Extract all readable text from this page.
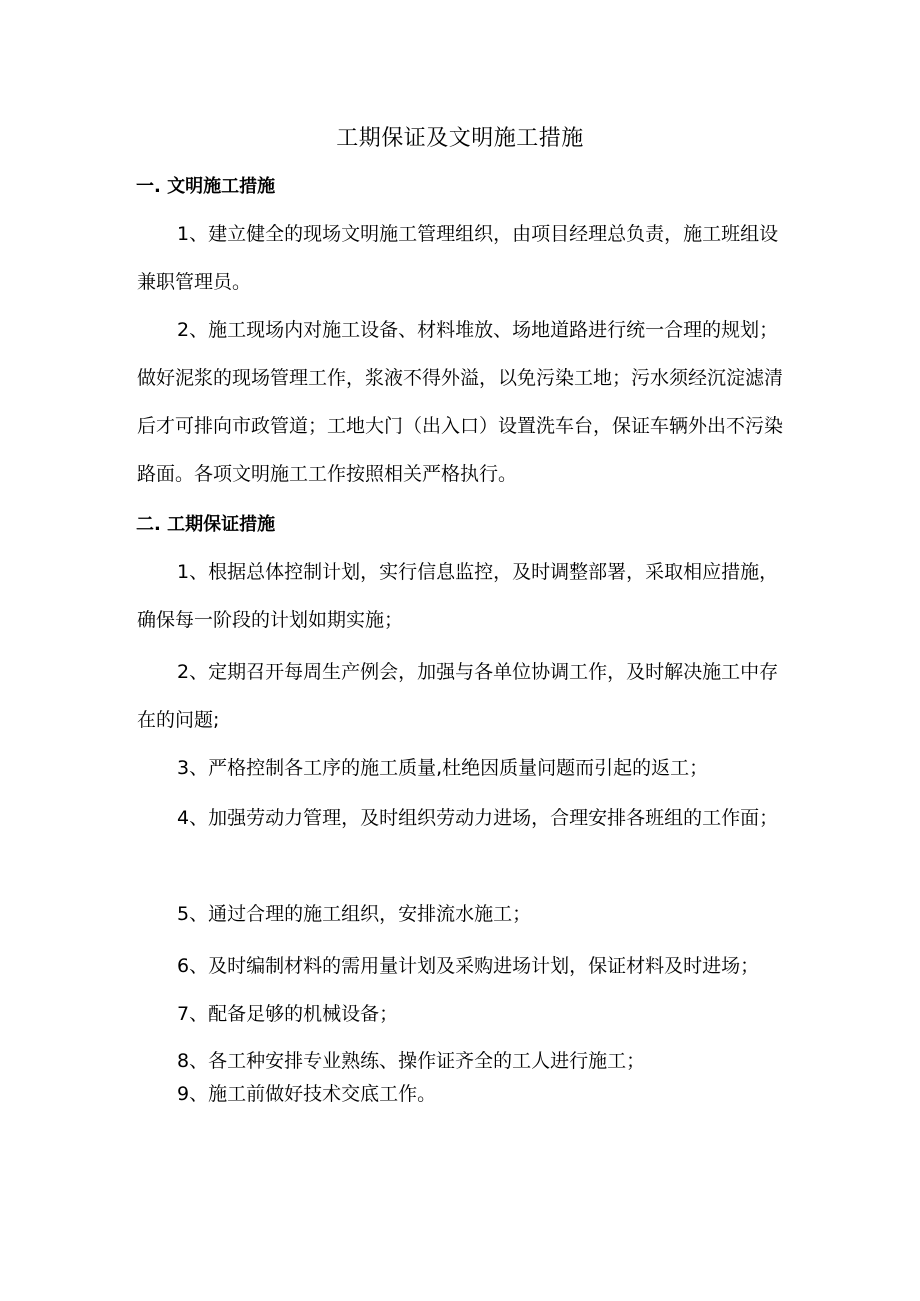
工期保证及文明施工措施
一. 文明施工措施
1、建立健全的现场文明施工管理组织，由项目经理总负责，施工班组设兼职管理员。
2、施工现场内对施工设备、材料堆放、场地道路进行统一合理的规划；做好泥浆的现场管理工作，浆液不得外溢，以免污染工地；污水须经沉淀滤清后才可排向市政管道；工地大门（出入口）设置洗车台，保证车辆外出不污染路面。各项文明施工工作按照相关严格执行。
二. 工期保证措施
1、根据总体控制计划，实行信息监控，及时调整部署，采取相应措施，确保每一阶段的计划如期实施；
2、定期召开每周生产例会，加强与各单位协调工作，及时解决施工中存在的问题;
3、严格控制各工序的施工质量,杜绝因质量问题而引起的返工；
4、加强劳动力管理，及时组织劳动力进场，合理安排各班组的工作面；
5、通过合理的施工组织，安排流水施工；
6、及时编制材料的需用量计划及采购进场计划，保证材料及时进场；
7、配备足够的机械设备；
8、各工种安排专业熟练、操作证齐全的工人进行施工；
9、施工前做好技术交底工作。
